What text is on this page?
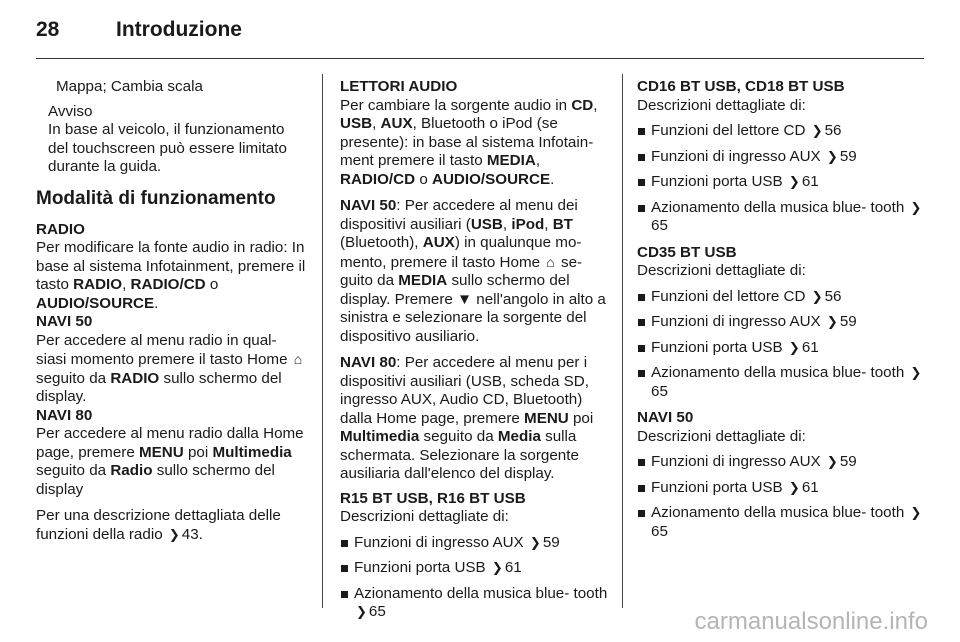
28	Introduzione

Mappa; Cambia scala

Avviso

In base al veicolo, il funzionamento del touchscreen può essere limitato durante la guida.

Modalità di funzionamento

RADIO

Per modificare la fonte audio in radio: In base al sistema Infotainment, premere il tasto RADIO, RADIO/CD o AUDIO/SOURCE.

NAVI 50

Per accedere al menu radio in qual- siasi momento premere il tasto Home ⌂ seguito da RADIO sullo schermo del display.

NAVI 80

Per accedere al menu radio dalla Home page, premere MENU poi Multimedia seguito da Radio sullo schermo del display

Per una descrizione dettagliata delle funzioni della radio ❯ 43.

LETTORI AUDIO

Per cambiare la sorgente audio in CD, USB, AUX, Bluetooth o iPod (se presente): in base al sistema Infotain- ment premere il tasto MEDIA,
RADIO/CD o AUDIO/SOURCE.

NAVI 50: Per accedere al menu dei dispositivi ausiliari (USB, iPod, BT (Bluetooth), AUX) in qualunque mo- mento, premere il tasto Home ⌂ se- guito da MEDIA sullo schermo del display. Premere ▼ nell'angolo in alto a sinistra e selezionare la sorgente del dispositivo ausiliario.

NAVI 80: Per accedere al menu per i dispositivi ausiliari (USB, scheda SD, ingresso AUX, Audio CD, Bluetooth) dalla Home page, premere MENU poi Multimedia seguito da Media sulla schermata. Selezionare la sorgente ausiliaria dall'elenco del display.

R15 BT USB, R16 BT USB

Descrizioni dettagliate di:

Funzioni di ingresso AUX ❯ 59
Funzioni porta USB ❯ 61
Azionamento della musica blue- tooth ❯ 65

CD16 BT USB, CD18 BT USB

Descrizioni dettagliate di:

Funzioni del lettore CD ❯ 56
Funzioni di ingresso AUX ❯ 59
Funzioni porta USB ❯ 61
Azionamento della musica blue- tooth ❯65

CD35 BT USB

Descrizioni dettagliate di:

Funzioni del lettore CD ❯ 56
Funzioni di ingresso AUX ❯ 59
Funzioni porta USB ❯ 61
Azionamento della musica blue- tooth ❯65

NAVI 50

Descrizioni dettagliate di:

Funzioni di ingresso AUX ❯ 59
Funzioni porta USB ❯ 61
Azionamento della musica blue- tooth ❯65
carmanualsonline.info
